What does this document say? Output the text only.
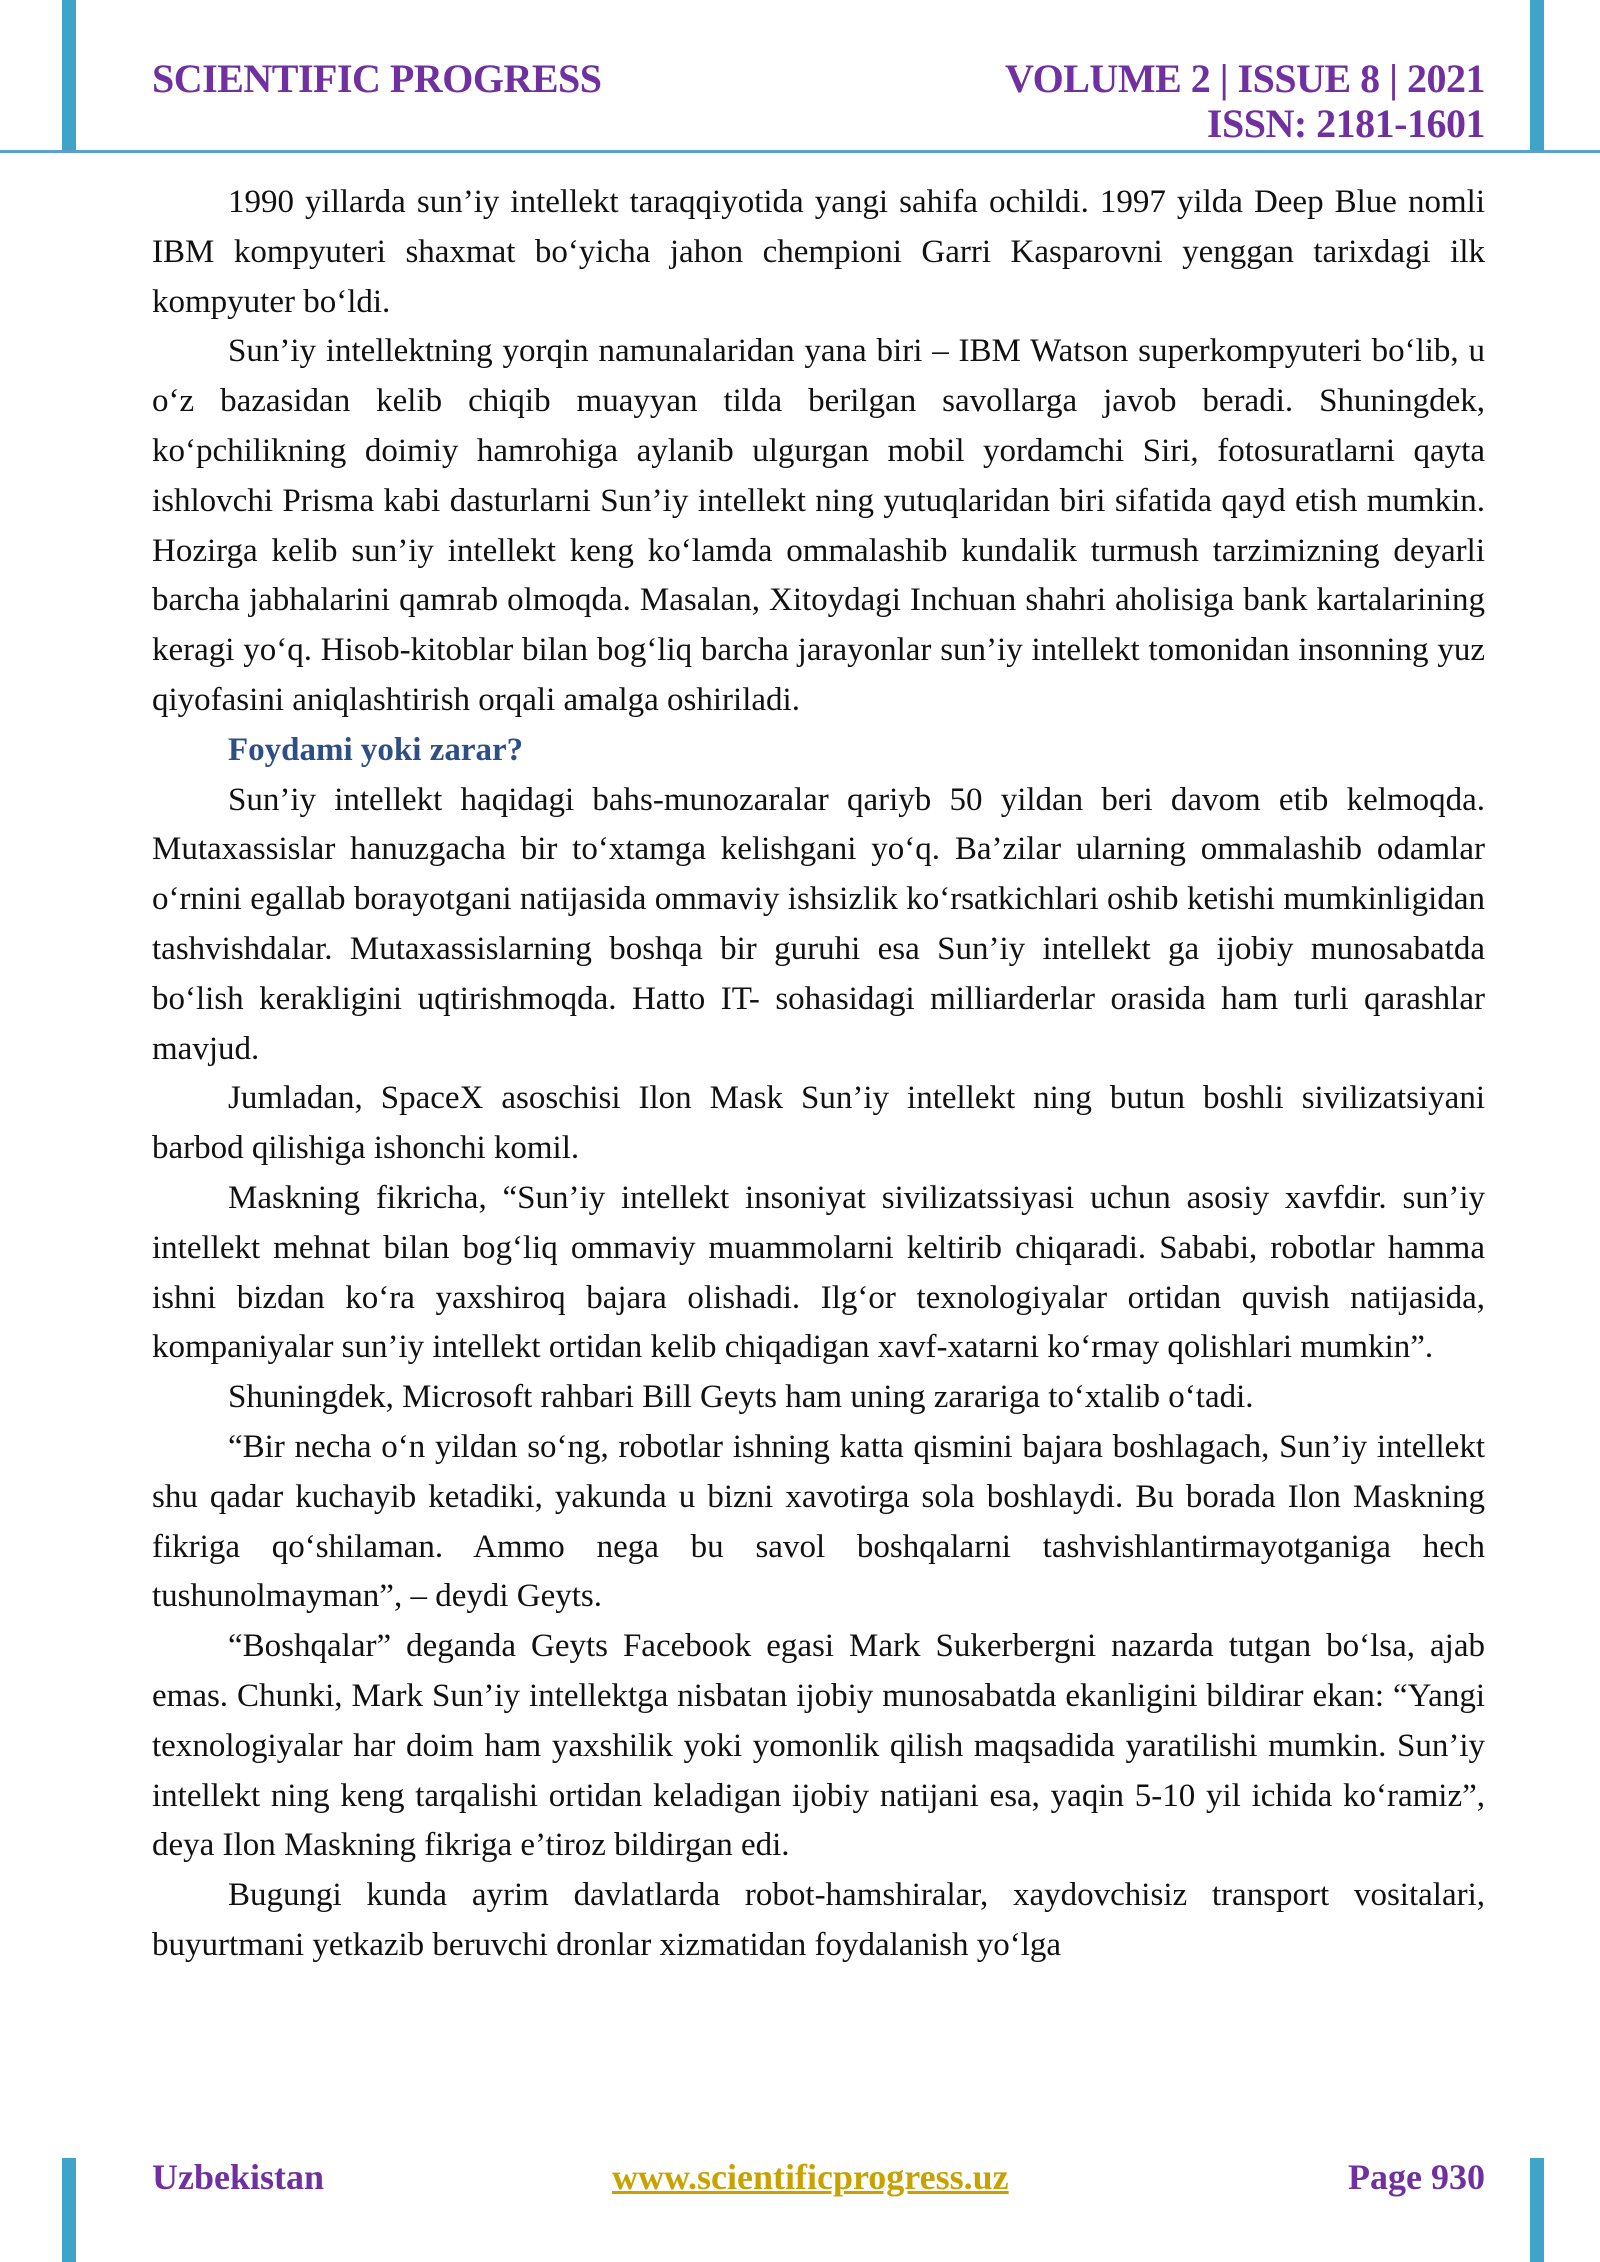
SCIENTIFIC PROGRESS	VOLUME 2 | ISSUE 8 | 2021
ISSN: 2181-1601

1990 yillarda sun’iy intellekt taraqqiyotida yangi sahifa ochildi. 1997 yilda Deep Blue nomli IBM kompyuteri shaxmat bo‘yicha jahon chempioni Garri Kasparovni yenggan tarixdagi ilk kompyuter bo‘ldi.

Sun’iy intellektning yorqin namunalaridan yana biri – IBM Watson superkompyuteri bo‘lib, u o‘z bazasidan kelib chiqib muayyan tilda berilgan savollarga javob beradi. Shuningdek, ko‘pchilikning doimiy hamrohiga aylanib ulgurgan mobil yordamchi Siri, fotosuratlarni qayta ishlovchi Prisma kabi dasturlarni Sun’iy intellekt ning yutuqlaridan biri sifatida qayd etish mumkin. Hozirga kelib sun’iy intellekt keng ko‘lamda ommalashib kundalik turmush tarzimizning deyarli barcha jabhalarini qamrab olmoqda. Masalan, Xitoydagi Inchuan shahri aholisiga bank kartalarining keragi yo‘q. Hisob-kitoblar bilan bog‘liq barcha jarayonlar sun’iy intellekt tomonidan insonning yuz qiyofasini aniqlashtirish orqali amalga oshiriladi.

Foydami yoki zarar?

Sun’iy intellekt haqidagi bahs-munozaralar qariyb 50 yildan beri davom etib kelmoqda. Mutaxassislar hanuzgacha bir to‘xtamga kelishgani yo‘q. Ba’zilar ularning ommalashib odamlar o‘rnini egallab borayotgani natijasida ommaviy ishsizlik ko‘rsatkichlari oshib ketishi mumkinligidan tashvishdalar. Mutaxassislarning boshqa bir guruhi esa Sun’iy intellekt ga ijobiy munosabatda bo‘lish kerakligini uqtirishmoqda. Hatto IT- sohasidagi milliarderlar orasida ham turli qarashlar mavjud.

Jumladan, SpaceX asoschisi Ilon Mask Sun’iy intellekt ning butun boshli sivilizatsiyani barbod qilishiga ishonchi komil.

Maskning fikricha, “Sun’iy intellekt insoniyat sivilizatssiyasi uchun asosiy xavfdir. sun’iy intellekt mehnat bilan bog‘liq ommaviy muammolarni keltirib chiqaradi. Sababi, robotlar hamma ishni bizdan ko‘ra yaxshiroq bajara olishadi. Ilg‘or texnologiyalar ortidan quvish natijasida, kompaniyalar sun’iy intellekt ortidan kelib chiqadigan xavf-xatarni ko‘rmay qolishlari mumkin”.

Shuningdek, Microsoft rahbari Bill Geyts ham uning zarariga to‘xtalib o‘tadi.

“Bir necha o‘n yildan so‘ng, robotlar ishning katta qismini bajara boshlagach, Sun’iy intellekt shu qadar kuchayib ketadiki, yakunda u bizni xavotirga sola boshlaydi. Bu borada Ilon Maskning fikriga qo‘shilaman. Ammo nega bu savol boshqalarni tashvishlantirmayotganiga hech tushunolmayman”, – deydi Geyts.

“Boshqalar” deganda Geyts Facebook egasi Mark Sukerbergni nazarda tutgan bo‘lsa, ajab emas. Chunki, Mark Sun’iy intellektga nisbatan ijobiy munosabatda ekanligini bildirar ekan: “Yangi texnologiyalar har doim ham yaxshilik yoki yomonlik qilish maqsadida yaratilishi mumkin. Sun’iy intellekt ning keng tarqalishi ortidan keladigan ijobiy natijani esa, yaqin 5-10 yil ichida ko‘ramiz”, deya Ilon Maskning fikriga e’tiroz bildirgan edi.

Bugungi kunda ayrim davlatlarda robot-hamshiralar, xaydovchisiz transport vositalari, buyurtmani yetkazib beruvchi dronlar xizmatidan foydalanish yo‘lga

Uzbekistan	www.scientificprogress.uz	Page 930
